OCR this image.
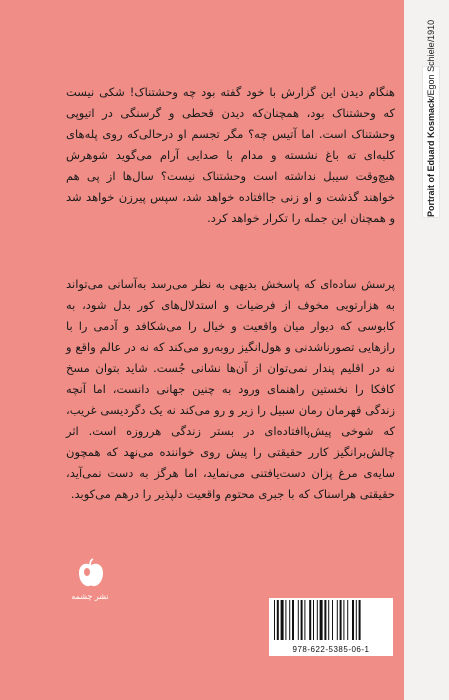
Portrait of Eduard Kosmack/Egon Schiele/1910

هنگام دیدن این گزارش با خود گفته بود چه وحشتناک! شکی نیست که وحشتناک بود، همچنان‌که دیدن قحطی و گرسنگی در اتیوپی وحشتناک است. اما آتیس چه؟ مگر تجسم او درحالی‌که روی پله‌های کلبه‌ای ته باغ نشسته و مدام با صدایی آرام می‌گوید شوهرش هیچ‌وقت سیبل نداشته است وحشتناک نیست؟ سال‌ها از پی هم خواهند گذشت و او زنی جاافتاده خواهد شد، سپس پیرزن خواهد شد و همچنان این جمله را تکرار خواهد کرد.

پرسش ساده‌ای که پاسخش بدیهی به نظر می‌رسد به‌آسانی می‌تواند به هزارتویی مخوف از فرضیات و استدلال‌های کور بدل شود، به کابوسی که دیوار میان واقعیت و خیال را می‌شکافد و آدمی را با رازهایی تصورناشدنی و هول‌انگیز روبه‌رو می‌کند که نه در عالم واقع و نه در اقلیم پندار نمی‌توان از آن‌ها نشانی جُست. شاید بتوان مسخ کافکا را نخستین راهنمای ورود به چنین جهانی دانست، اما آنچه زندگی قهرمان رمان سبیل را زیر و رو می‌کند نه یک دگردیسی غریب، که شوخی پیش‌پاافتاده‌ای در بستر زندگی هرروزه است. اثر چالش‌برانگیز کارر حقیقتی را پیش روی خواننده می‌نهد که همچون سایه‌ی مرغ پزان دست‌یافتنی می‌نماید، اما هرگز به دست نمی‌آید، حقیقتی هراسناک که با جبری محتوم واقعیت دلپذیر را درهم می‌کوبد.

نشر چشمه
978-622-5385-06-1
